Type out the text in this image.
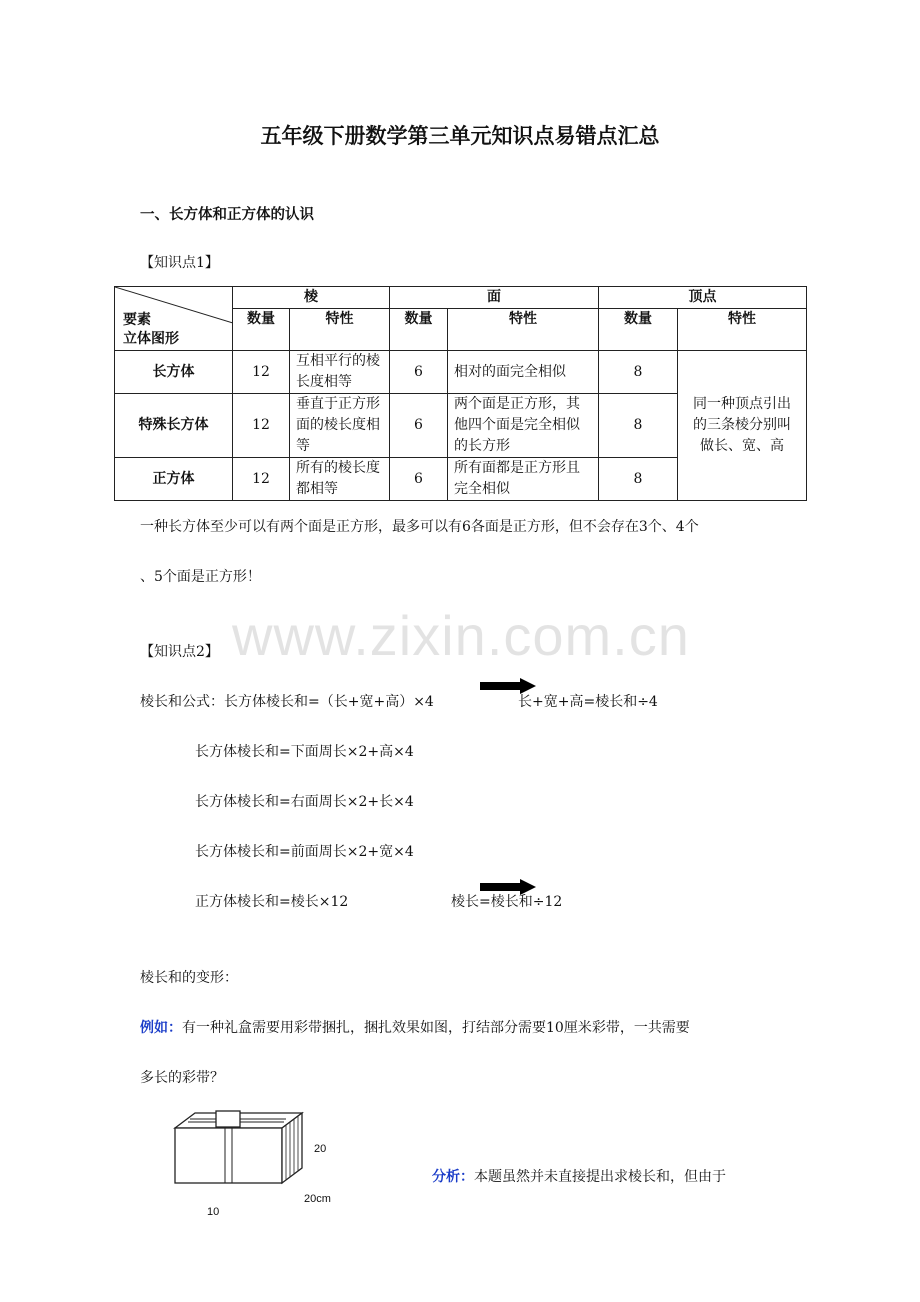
五年级下册数学第三单元知识点易错点汇总
一、长方体和正方体的认识
【知识点1】
要素
立体图形	棱		面		顶点	
	数量	特性	数量	特性	数量	特性
长方体	12	互相平行的棱长度相等	6	相对的面完全相似	8	同一种顶点引出的三条棱分别叫做长、宽、高
特殊长方体	12	垂直于正方形面的棱长度相等	6	两个面是正方形，其他四个面是完全相似的长方形	8	
正方体	12	所有的棱长度都相等	6	所有面都是正方形且完全相似	8	
一种长方体至少可以有两个面是正方形，最多可以有6各面是正方形，但不会存在3个、4个
、5个面是正方形！
www.zixin.com.cn
【知识点2】
棱长和公式：长方体棱长和=（长+宽+高）×4	长+宽+高=棱长和÷4
长方体棱长和=下面周长×2+高×4
长方体棱长和=右面周长×2+长×4
长方体棱长和=前面周长×2+宽×4
正方体棱长和=棱长×12	棱长=棱长和÷12
棱长和的变形：
例如：有一种礼盒需要用彩带捆扎，捆扎效果如图，打结部分需要10厘米彩带，一共需要
多长的彩带？
20
20cm
10
分析：本题虽然并未直接提出求棱长和，但由于
